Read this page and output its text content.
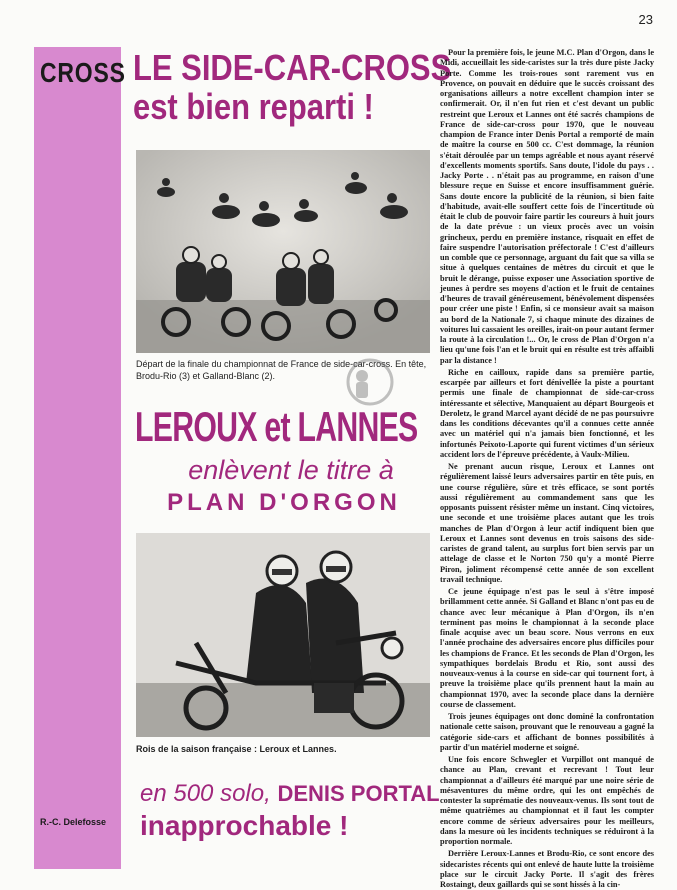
23
CROSS
R.-C. Delefosse
LE SIDE-CAR-CROSS
est bien reparti !
Départ de la finale du championnat de France de side-car-cross. En tête, Brodu-Rio (3) et Galland-Blanc (2).
LEROUX et LANNES
enlèvent le titre à
PLAN D'ORGON
Rois de la saison française : Leroux et Lannes.
en 500 solo, DENIS PORTAL
inapprochable !

Pour la première fois, le jeune M.C. Plan d'Orgon, dans le Midi, accueillait les side-caristes sur la très dure piste Jacky Porte. Comme les trois-roues sont rarement vus en Provence, on pouvait en déduire que le succès croissant des organisations ailleurs a notre excellent champion inter se confirmerait. Or, il n'en fut rien et c'est devant un public restreint que Leroux et Lannes ont été sacrés champions de France de side-car-cross pour 1970, que le nouveau champion de France inter Denis Portal a remporté de main de maître la course en 500 cc. C'est dommage, la réunion s'était déroulée par un temps agréable et nous ayant réservé d'excellents moments sportifs. Sans doute, l'idole du pays . . Jacky Porte . . n'était pas au programme, en raison d'une blessure reçue en Suisse et encore insuffisamment guérie. Sans doute encore la publicité de la réunion, si bien faite d'habitude, avait-elle souffert cette fois de l'incertitude où était le club de pouvoir faire partir les coureurs à huit jours de la date prévue : un vieux procès avec un voisin grincheux, perdu en première instance, risquait en effet de faire suspendre l'autorisation préfectorale ! C'est d'ailleurs un comble que ce personnage, arguant du fait que sa villa se situe à quelques centaines de mètres du circuit et que le bruit le dérange, puisse exposer une Association sportive de jeunes à perdre ses moyens d'action et le fruit de centaines d'heures de travail généreusement, bénévolement dispensées pour créer une piste ! Enfin, si ce monsieur avait sa maison au bord de la Nationale 7, si chaque minute des dizaines de voitures lui cassaient les oreilles, irait-on pour autant fermer la route à la circulation !... Or, le cross de Plan d'Orgon n'a lieu qu'une fois l'an et le bruit qui en résulte est très affaibli par la distance !

Riche en cailloux, rapide dans sa première partie, escarpée par ailleurs et fort dénivellée la piste a pourtant permis une finale de championnat de side-car-cross intéressante et sélective, Manquaient au départ Bourgeois et Deroletz, le grand Marcel ayant décidé de ne pas poursuivre dans les conditions décevantes qu'il a connues cette année avec un matériel qui n'a jamais bien fonctionné, et les infortunés Peixoto-Laporte qui furent victimes d'un sérieux accident lors de l'épreuve précédente, à Vaulx-Milieu.

Ne prenant aucun risque, Leroux et Lannes ont régulièrement laissé leurs adversaires partir en tête puis, en une course régulière, sûre et très efficace, se sont portés aussi régulièrement au commandement sans que les opposants puissent résister même un instant. Cinq victoires, une seconde et une troisième places autant que les trois manches de Plan d'Orgon à leur actif indiquent bien que Leroux et Lannes sont devenus en trois saisons des side-caristes de grand talent, au surplus fort bien servis par un attelage de classe et le Norton 750 qu'y a monté Pierre Piron, joliment récompensé cette année de son excellent travail technique.

Ce jeune équipage n'est pas le seul à s'être imposé brillamment cette année. Si Galland et Blanc n'ont pas eu de chance avec leur mécanique à Plan d'Orgon, ils n'en terminent pas moins le championnat à la seconde place finale acquise avec un beau score. Nous verrons en eux l'année prochaine des adversaires encore plus difficiles pour les champions de France. Et les seconds de Plan d'Orgon, les sympathiques bordelais Brodu et Rio, sont aussi des nouveaux-venus à la course en side-car qui tournent fort, à preuve la troisième place qu'ils prennent haut la main au championnat 1970, avec la seconde place dans la dernière course de classement.

Trois jeunes équipages ont donc dominé la confrontation nationale cette saison, prouvant que le renouveau a gagné la catégorie side-cars et affichant de bonnes possibilités à partir d'un matériel moderne et soigné.

Une fois encore Schwegler et Vurpillot ont manqué de chance au Plan, crevant et recrevant ! Tout leur championnat a d'ailleurs été marqué par une noire série de mésaventures du même ordre, qui les ont empêchés de contester la suprématie des nouveaux-venus. Ils sont tout de même quatrièmes au championnat et il faut les compter encore comme de sérieux adversaires pour les meilleurs, dans la mesure où les incidents techniques se réduiront à la proportion normale.

Derrière Leroux-Lannes et Brodu-Rio, ce sont encore des sidecaristes récents qui ont enlevé de haute lutte la troisième place sur le circuit Jacky Porte. Il s'agit des frères Rostaingt, deux gaillards qui se sont hissés à la cin-
